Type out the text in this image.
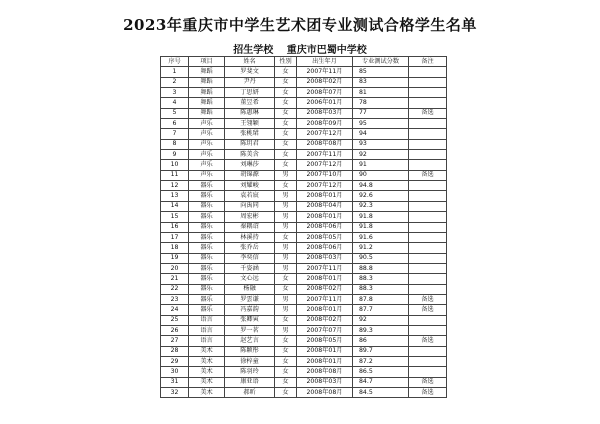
2023年重庆市中学生艺术团专业测试合格学生名单
招生学校 重庆市巴蜀中学校
序号	项目	姓名	性别	出生年月	专业测试分数	备注
1	舞蹈	罗斐文	女	2007年11月	85	
2	舞蹈	尹丹	女	2008年02月	83	
3	舞蹈	丁思妍	女	2008年07月	81	
4	舞蹈	董昱希	女	2006年01月	78	
5	舞蹈	陈惠琳	女	2008年03月	77	备选
6	声乐	王翎颖	女	2008年09月	95	
7	声乐	张桃珺	女	2007年12月	94	
8	声乐	陈玥君	女	2008年08月	93	
9	声乐	陈美含	女	2007年11月	92	
10	声乐	刘琳莎	女	2007年12月	91	
11	声乐	胡锦源	男	2007年10月	90	备选
12	器乐	刘耀峻	女	2007年12月	94.8	
13	器乐	袁若宸	男	2008年01月	92.6	
14	器乐	向禹同	男	2008年04月	92.3	
15	器乐	周宏彬	男	2008年01月	91.8	
16	器乐	秦耦诏	男	2008年06月	91.8	
17	器乐	林溪持	女	2008年05月	91.6	
18	器乐	张乔岳	男	2008年06月	91.2	
19	器乐	李奕信	男	2008年03月	90.5	
20	器乐	千姿涵	男	2007年11月	88.8	
21	器乐	文心远	女	2008年01月	88.3	
22	器乐	杨融	女	2008年02月	88.3	
23	器乐	罗雲谦	男	2007年11月	87.8	备选
24	器乐	冯嘉韵	男	2008年01月	87.7	备选
25	语言	张卿寅	女	2008年02月	92	
26	语言	罗一茗	男	2007年07月	89.3	
27	语言	赵艺言	女	2008年05月	86	备选
28	美术	陈颖彤	女	2008年01月	89.7	
29	美术	徐梓童	女	2008年01月	87.2	
30	美术	陈羽玲	女	2008年08月	86.5	
31	美术	康亚语	女	2008年03月	84.7	备选
32	美术	郝昕	女	2008年08月	84.5	备选
